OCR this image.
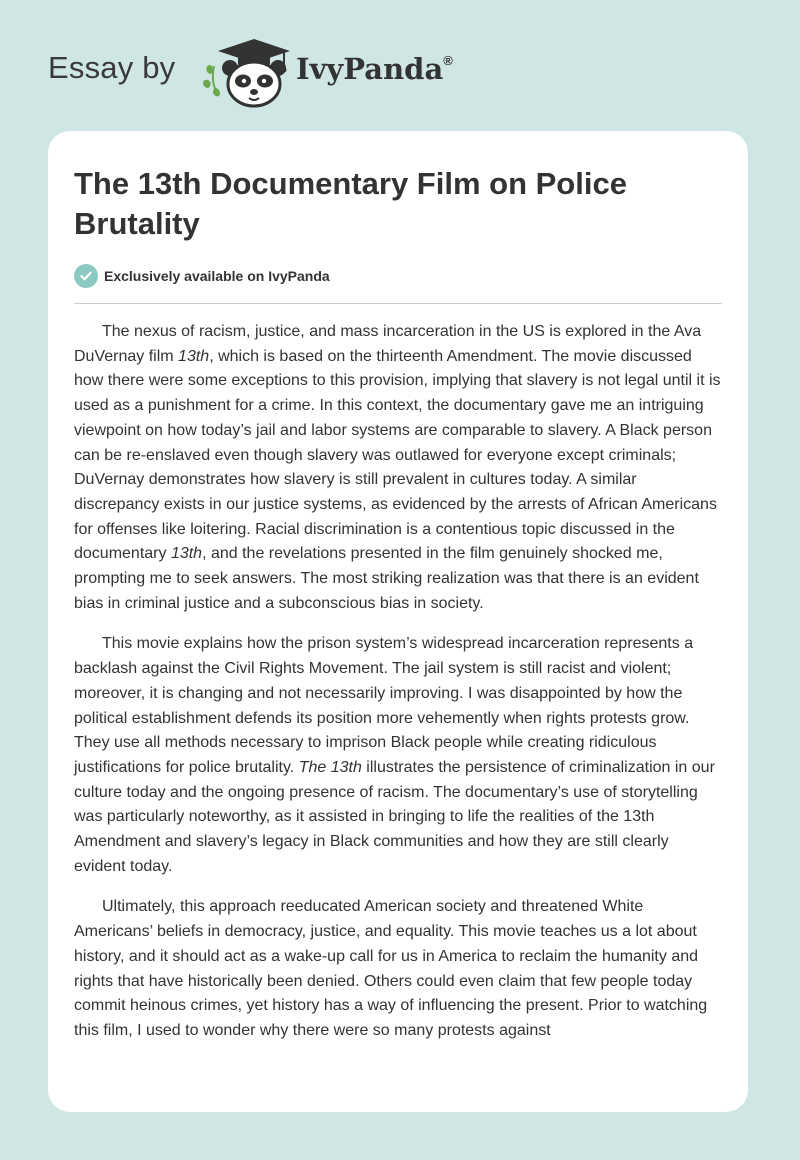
Essay by	IvyPanda®
The 13th Documentary Film on Police Brutality
Exclusively available on IvyPanda

The nexus of racism, justice, and mass incarceration in the US is explored in the Ava DuVernay film 13th, which is based on the thirteenth Amendment. The movie discussed how there were some exceptions to this provision, implying that slavery is not legal until it is used as a punishment for a crime. In this context, the documentary gave me an intriguing viewpoint on how today’s jail and labor systems are comparable to slavery. A Black person can be re-enslaved even though slavery was outlawed for everyone except criminals; DuVernay demonstrates how slavery is still prevalent in cultures today. A similar discrepancy exists in our justice systems, as evidenced by the arrests of African Americans for offenses like loitering. Racial discrimination is a contentious topic discussed in the documentary 13th, and the revelations presented in the film genuinely shocked me, prompting me to seek answers. The most striking realization was that there is an evident bias in criminal justice and a subconscious bias in society.

This movie explains how the prison system’s widespread incarceration represents a backlash against the Civil Rights Movement. The jail system is still racist and violent; moreover, it is changing and not necessarily improving. I was disappointed by how the political establishment defends its position more vehemently when rights protests grow. They use all methods necessary to imprison Black people while creating ridiculous justifications for police brutality. The 13th illustrates the persistence of criminalization in our culture today and the ongoing presence of racism. The documentary’s use of storytelling was particularly noteworthy, as it assisted in bringing to life the realities of the 13th Amendment and slavery’s legacy in Black communities and how they are still clearly evident today.

Ultimately, this approach reeducated American society and threatened White Americans’ beliefs in democracy, justice, and equality. This movie teaches us a lot about history, and it should act as a wake-up call for us in America to reclaim the humanity and rights that have historically been denied. Others could even claim that few people today commit heinous crimes, yet history has a way of influencing the present. Prior to watching this film, I used to wonder why there were so many protests against
